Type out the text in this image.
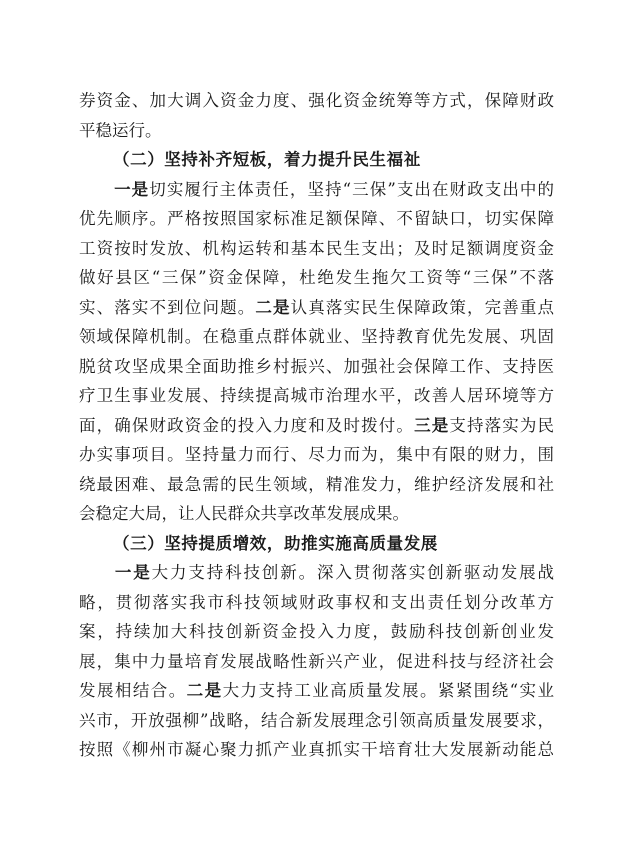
券资金、加大调入资金力度、强化资金统筹等方式，保障财政
平稳运行。
（二）坚持补齐短板，着力提升民生福祉
一是切实履行主体责任，坚持“三保”支出在财政支出中的
优先顺序。严格按照国家标准足额保障、不留缺口，切实保障
工资按时发放、机构运转和基本民生支出；及时足额调度资金
做好县区“三保”资金保障，杜绝发生拖欠工资等“三保”不落
实、落实不到位问题。二是认真落实民生保障政策，完善重点
领域保障机制。在稳重点群体就业、坚持教育优先发展、巩固
脱贫攻坚成果全面助推乡村振兴、加强社会保障工作、支持医
疗卫生事业发展、持续提高城市治理水平，改善人居环境等方
面，确保财政资金的投入力度和及时拨付。三是支持落实为民
办实事项目。坚持量力而行、尽力而为，集中有限的财力，围
绕最困难、最急需的民生领域，精准发力，维护经济发展和社
会稳定大局，让人民群众共享改革发展成果。
（三）坚持提质增效，助推实施高质量发展
一是大力支持科技创新。深入贯彻落实创新驱动发展战
略，贯彻落实我市科技领域财政事权和支出责任划分改革方
案，持续加大科技创新资金投入力度，鼓励科技创新创业发
展，集中力量培育发展战略性新兴产业，促进科技与经济社会
发展相结合。二是大力支持工业高质量发展。紧紧围绕“实业
兴市，开放强柳”战略，结合新发展理念引领高质量发展要求，
按照《柳州市凝心聚力抓产业真抓实干培育壮大发展新动能总
